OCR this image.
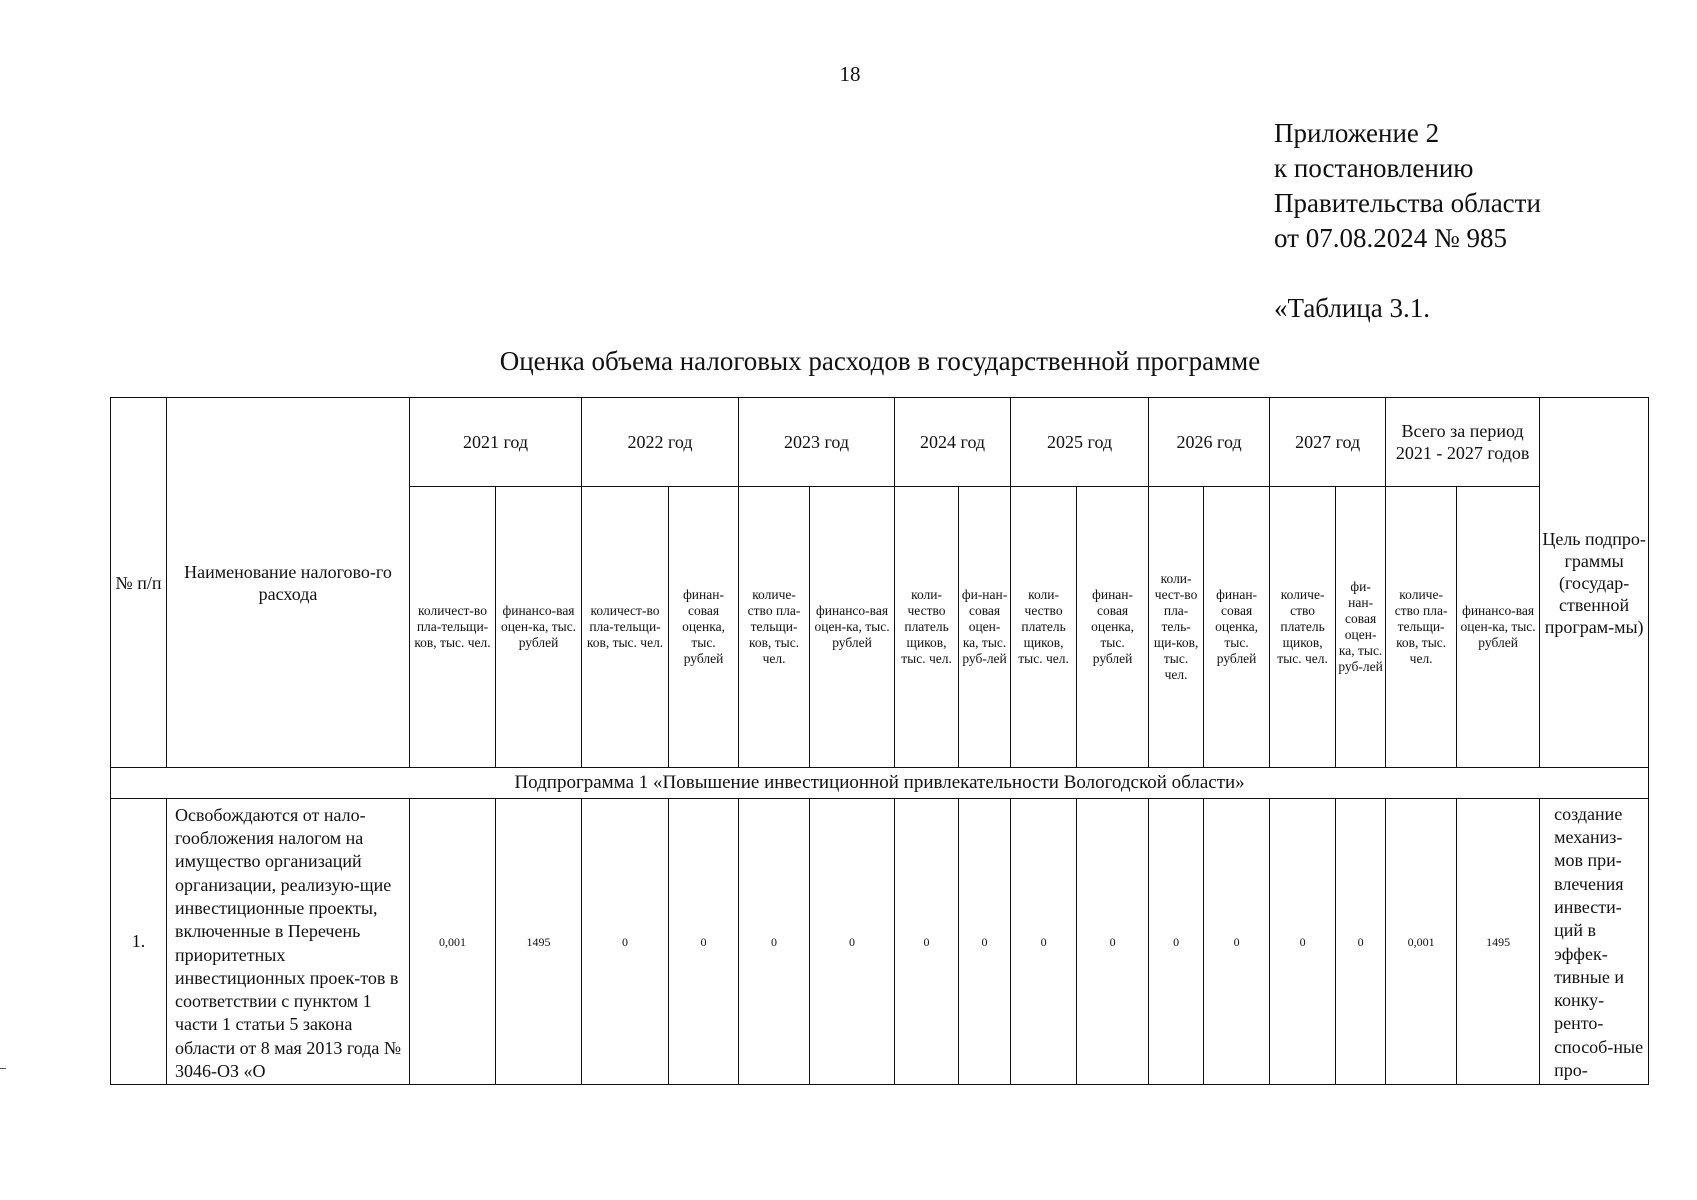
18
Приложение 2
к постановлению
Правительства области
от 07.08.2024 № 985
«Таблица 3.1.
Оценка объема налоговых расходов в государственной программе
№ п/п	Наименование налогово-го расхода	2021 год		2022 год		2023 год		2024 год		2025 год		2026 год		2027 год		Всего за период 2021 - 2027 годов		Цель подпро-граммы (государ-ственной програм-мы)
		количест-во пла-тельщи-ков, тыс. чел.	финансо-вая оцен-ка, тыс. рублей	количест-во пла-тельщи-ков, тыс. чел.	финан-совая оценка, тыс. рублей	количе-ство пла-тельщи-ков, тыс. чел.	финансо-вая оцен-ка, тыс. рублей	коли-чество платель щиков, тыс. чел.	фи-нан-совая оцен-ка, тыс. руб-лей	коли-чество платель щиков, тыс. чел.	финан-совая оценка, тыс. рублей	коли-чест-во пла-тель-щи-ков, тыс. чел.	финан-совая оценка, тыс. рублей	количе-ство платель щиков, тыс. чел.	фи-нан-совая оцен-ка, тыс. руб-лей	количе-ство пла-тельщи-ков, тыс. чел.	финансо-вая оцен-ка, тыс. рублей	
Подпрограмма 1 «Повышение инвестиционной привлекательности Вологодской области»																		
1.	Освобождаются от нало-гообложения налогом на имущество организаций организации, реализую-щие инвестиционные проекты, включенные в Перечень приоритетных инвестиционных проек-тов в соответствии с пунктом 1 части 1 статьи 5 закона области от 8 мая 2013 года № 3046-ОЗ «О	0,001	1495	0	0	0	0	0	0	0	0	0	0	0	0	0,001	1495	создание механиз-мов при-влечения инвести-ций в эффек-тивные и конку-ренто-способ-ные про-
